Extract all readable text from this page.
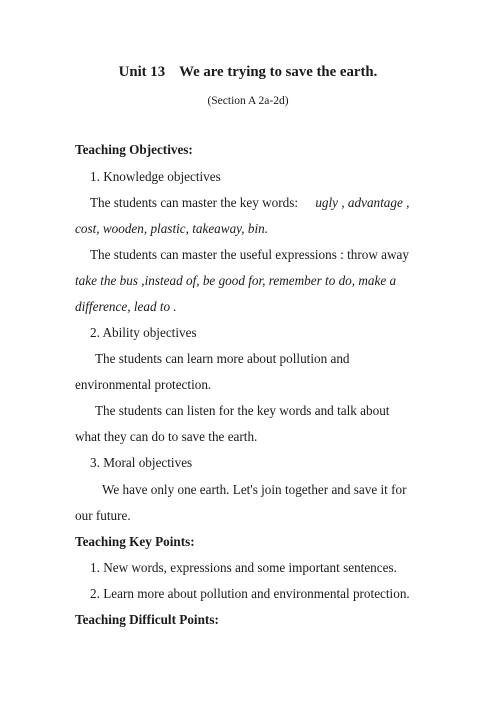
Unit 13 We are trying to save the earth.
(Section A 2a-2d)
Teaching Objectives:
1. Knowledge objectives
The students can master the key words: ugly , advantage ,
cost, wooden, plastic, takeaway, bin.
The students can master the useful expressions : throw away
take the bus ,instead of, be good for, remember to do, make a
difference, lead to .
2. Ability objectives
The students can learn more about pollution and
environmental protection.
The students can listen for the key words and talk about
what they can do to save the earth.
3. Moral objectives
We have only one earth. Let's join together and save it for
our future.
Teaching Key Points:
1. New words, expressions and some important sentences.
2. Learn more about pollution and environmental protection.
Teaching Difficult Points:
